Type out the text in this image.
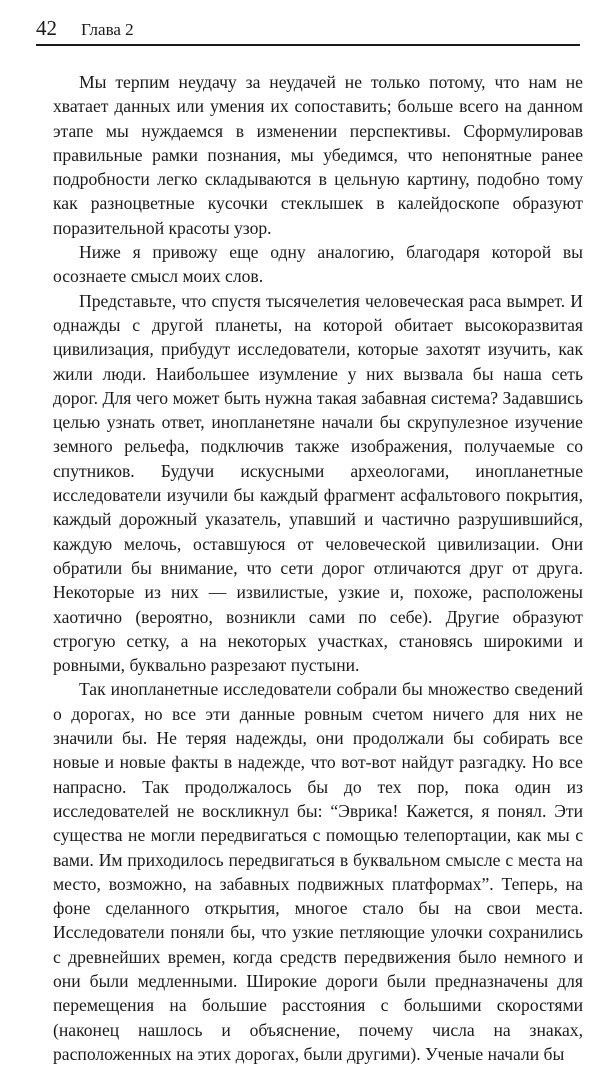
42 Глава 2

Мы терпим неудачу за неудачей не только потому, что нам не хватает данных или умения их сопоставить; больше всего на данном этапе мы нуждаемся в изменении перспективы. Сформулировав правильные рамки познания, мы убедимся, что непонятные ранее подробности легко складываются в цельную картину, подобно тому как разноцветные кусочки стеклышек в калейдоскопе образуют поразительной красоты узор.

Ниже я привожу еще одну аналогию, благодаря которой вы осознаете смысл моих слов.

Представьте, что спустя тысячелетия человеческая раса вымрет. И однажды с другой планеты, на которой обитает высокоразвитая цивилизация, прибудут исследователи, которые захотят изучить, как жили люди. Наибольшее изумление у них вызвала бы наша сеть дорог. Для чего может быть нужна такая забавная система? Задавшись целью узнать ответ, инопланетяне начали бы скрупулезное изучение земного рельефа, подключив также изображения, получаемые со спутников. Будучи искусными археологами, инопланетные исследователи изучили бы каждый фрагмент асфальтового покрытия, каждый дорожный указатель, упавший и частично разрушившийся, каждую мелочь, оставшуюся от человеческой цивилизации. Они обратили бы внимание, что сети дорог отличаются друг от друга. Некоторые из них — извилистые, узкие и, похоже, расположены хаотично (вероятно, возникли сами по себе). Другие образуют строгую сетку, а на некоторых участках, становясь широкими и ровными, буквально разрезают пустыни.

Так инопланетные исследователи собрали бы множество сведений о дорогах, но все эти данные ровным счетом ничего для них не значили бы. Не теряя надежды, они продолжали бы собирать все новые и новые факты в надежде, что вот-вот найдут разгадку. Но все напрасно. Так продолжалось бы до тех пор, пока один из исследователей не воскликнул бы: “Эврика! Кажется, я понял. Эти существа не могли передвигаться с помощью телепортации, как мы с вами. Им приходилось передвигаться в буквальном смысле с места на место, возможно, на забавных подвижных платформах”. Теперь, на фоне сделанного открытия, многое стало бы на свои места. Исследователи поняли бы, что узкие петляющие улочки сохранились с древнейших времен, когда средств передвижения было немного и они были медленными. Широкие дороги были предназначены для перемещения на большие расстояния с большими скоростями (наконец нашлось и объяснение, почему числа на знаках, расположенных на этих дорогах, были другими). Ученые начали бы
